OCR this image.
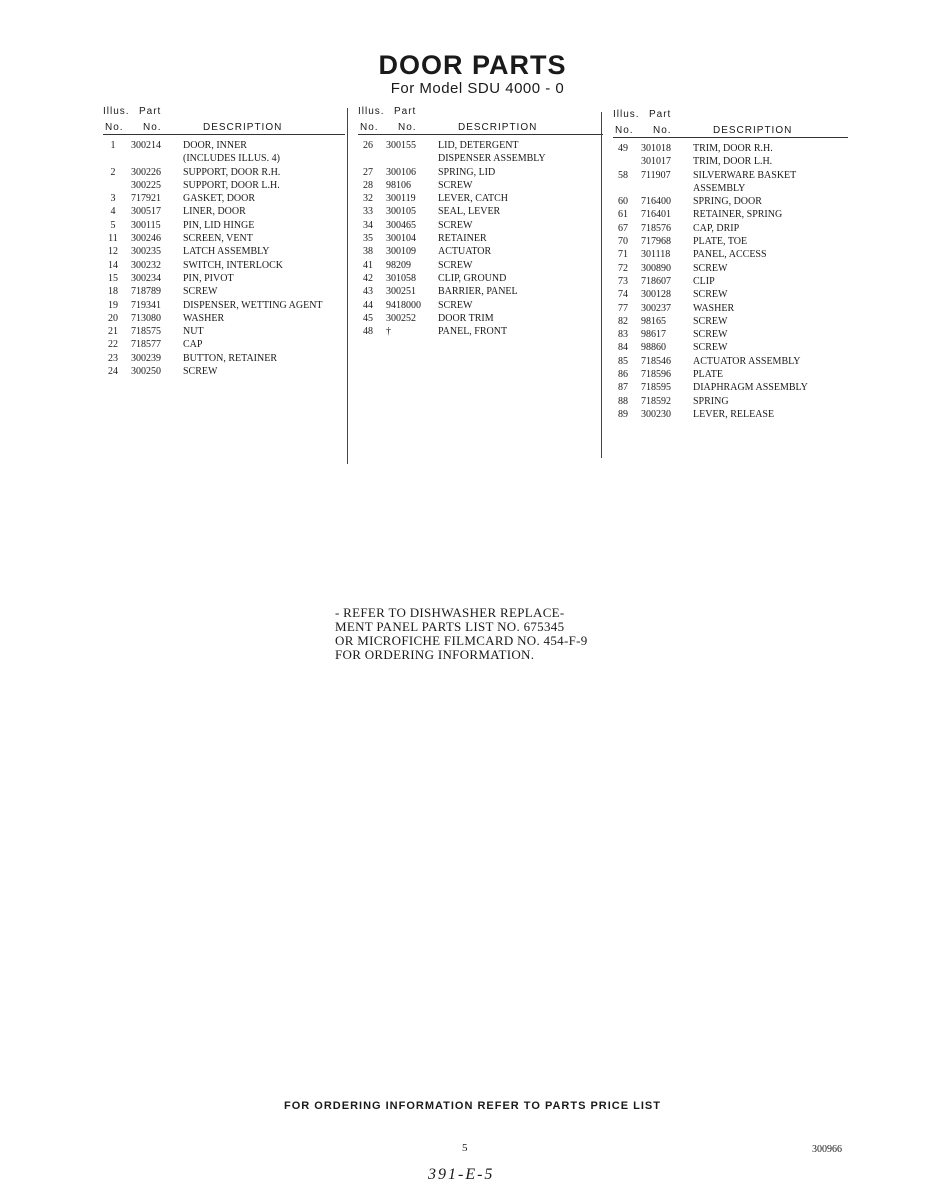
DOOR PARTS
For Model SDU 4000 - 0
Illus. Part
No. No.	DESCRIPTION
1	300214 DOOR, INNER
(INCLUDES ILLUS. 4)
2	300226 SUPPORT, DOOR R.H.
300225 SUPPORT, DOOR L.H.
3	717921 GASKET, DOOR
4	300517 LINER, DOOR
5	300115 PIN, LID HINGE
11	300246 SCREEN, VENT
12	300235 LATCH ASSEMBLY
14	300232 SWITCH, INTERLOCK
15	300234 PIN, PIVOT
18	718789 SCREW
19	719341 DISPENSER, WETTING AGENT
20	713080 WASHER
21	718575 NUT
22	718577 CAP
23	300239 BUTTON, RETAINER
24	300250 SCREW
Illus. Part
No. No.	DESCRIPTION
26	300155 LID, DETERGENT
DISPENSER ASSEMBLY
27	300106 SPRING, LID
28	98106	SCREW
32	300119 LEVER, CATCH
33	300105 SEAL, LEVER
34	300465 SCREW
35	300104 RETAINER
38	300109 ACTUATOR
41	98209	SCREW
42	301058 CLIP, GROUND
43	300251 BARRIER, PANEL
44	9418000 SCREW
45	300252 DOOR TRIM
48	†	PANEL, FRONT
Illus. Part
No. No.	DESCRIPTION
49	301018 TRIM, DOOR R.H.
301017 TRIM, DOOR L.H.
58	711907 SILVERWARE BASKET
ASSEMBLY
60	716400 SPRING, DOOR
61	716401 RETAINER, SPRING
67	718576 CAP, DRIP
70	717968 PLATE, TOE
71	301118 PANEL, ACCESS
72	300890 SCREW
73	718607 CLIP
74	300128 SCREW
77	300237 WASHER
82	98165	SCREW
83	98617	SCREW
84	98860	SCREW
85	718546 ACTUATOR ASSEMBLY
86	718596 PLATE
87	718595 DIAPHRAGM ASSEMBLY
88	718592 SPRING
89	300230 LEVER, RELEASE
- REFER TO DISHWASHER REPLACE-
MENT PANEL PARTS LIST NO. 675345
OR MICROFICHE FILMCARD NO. 454-F-9
FOR ORDERING INFORMATION.
FOR ORDERING INFORMATION REFER TO PARTS PRICE LIST
5	300966
391-E-5
